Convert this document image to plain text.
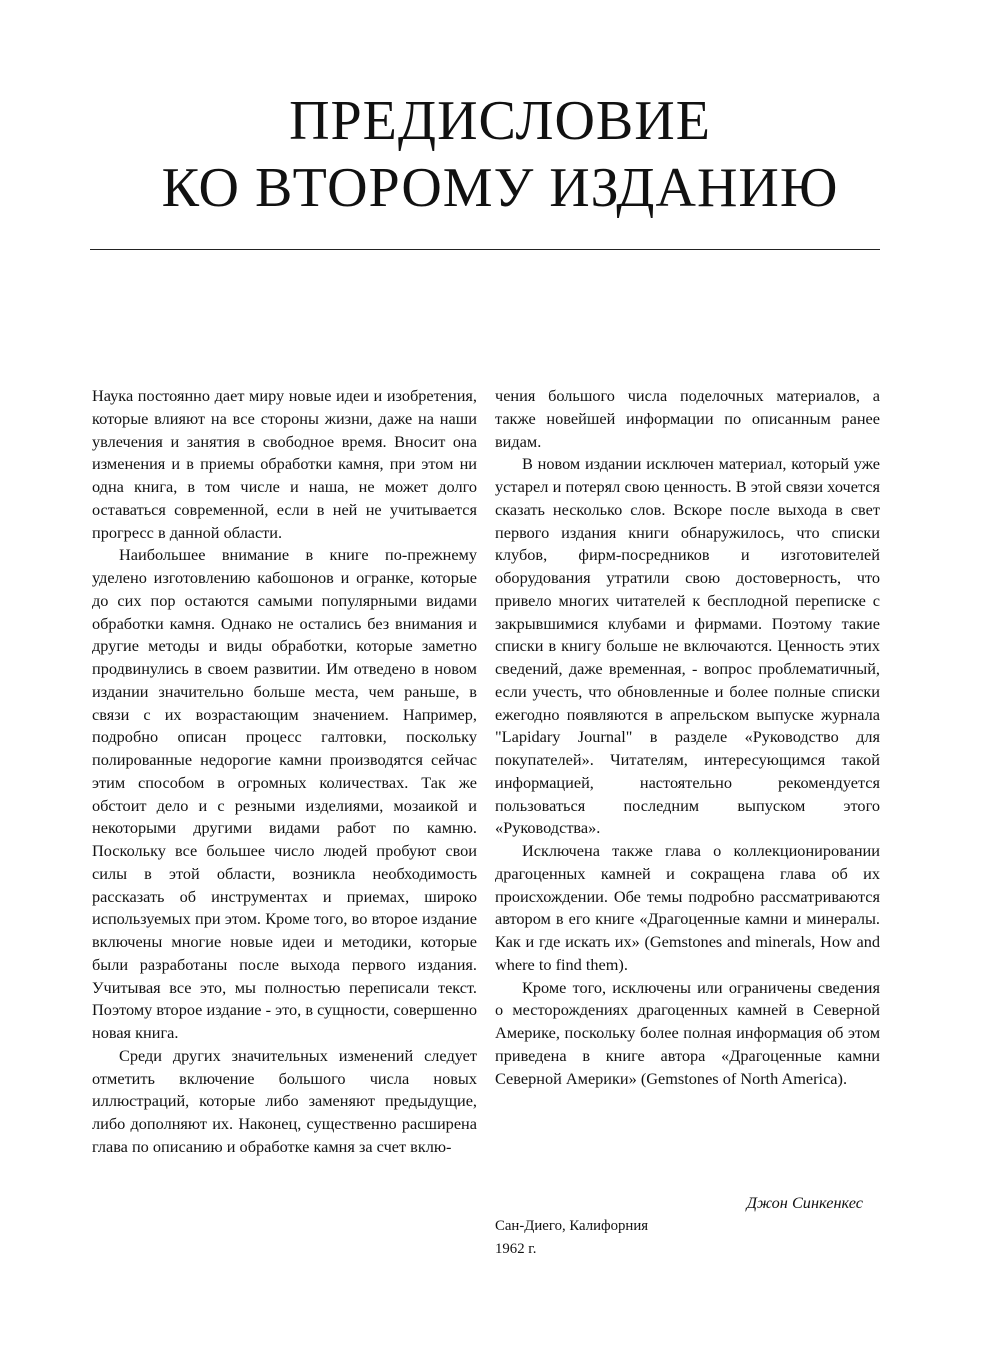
ПРЕДИСЛОВИЕ
КО ВТОРОМУ ИЗДАНИЮ

Наука постоянно дает миру новые идеи и изобретения, которые влияют на все стороны жизни, даже на наши увлечения и занятия в свободное время. Вносит она изменения и в приемы обработки камня, при этом ни одна книга, в том числе и наша, не может долго оставаться современной, если в ней не учитывается прогресс в данной области.

Наибольшее внимание в книге по-прежнему уделено изготовлению кабошонов и огранке, которые до сих пор остаются самыми популярными видами обработки камня. Однако не остались без внимания и другие методы и виды обработки, которые заметно продвинулись в своем развитии. Им отведено в новом издании значительно больше места, чем раньше, в связи с их возрастающим значением. Например, подробно описан процесс галтовки, поскольку полированные недорогие камни производятся сейчас этим способом в огромных количествах. Так же обстоит дело и с резными изделиями, мозаикой и некоторыми другими видами работ по камню. Поскольку все большее число людей пробуют свои силы в этой области, возникла необходимость рассказать об инструментах и приемах, широко используемых при этом. Кроме того, во второе издание включены многие новые идеи и методики, которые были разработаны после выхода первого издания. Учитывая все это, мы полностью переписали текст. Поэтому второе издание - это, в сущности, совершенно новая книга.

Среди других значительных изменений следует отметить включение большого числа новых иллюстраций, которые либо заменяют предыдущие, либо дополняют их. Наконец, существенно расширена глава по описанию и обработке камня за счет вклю-

чения большого числа поделочных материалов, а также новейшей информации по описанным ранее видам.

В новом издании исключен материал, который уже устарел и потерял свою ценность. В этой связи хочется сказать несколько слов. Вскоре после выхода в свет первого издания книги обнаружилось, что списки клубов, фирм-посредников и изготовителей оборудования утратили свою достоверность, что привело многих читателей к бесплодной переписке с закрывшимися клубами и фирмами. Поэтому такие списки в книгу больше не включаются. Ценность этих сведений, даже временная, - вопрос проблематичный, если учесть, что обновленные и более полные списки ежегодно появляются в апрельском выпуске журнала "Lapidary Journal" в разделе «Руководство для покупателей». Читателям, интересующимся такой информацией, настоятельно рекомендуется пользоваться последним выпуском этого «Руководства».

Исключена также глава о коллекционировании драгоценных камней и сокращена глава об их происхождении. Обе темы подробно рассматриваются автором в его книге «Драгоценные камни и минералы. Как и где искать их» (Gemstones and minerals, How and where to find them).

Кроме того, исключены или ограничены сведения о месторождениях драгоценных камней в Северной Америке, поскольку более полная информация об этом приведена в книге автора «Драгоценные камни Северной Америки» (Gemstones of North America).

Джон Синкенкес
Сан-Диего, Калифорния
1962 г.
